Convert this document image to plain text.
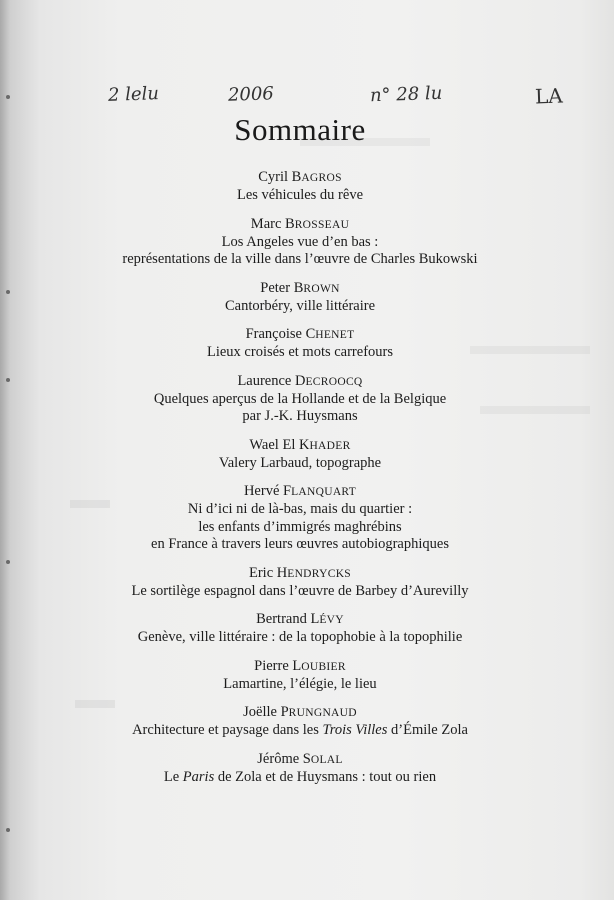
2 lelu	2006	n° 28 lu	LA
Sommaire
Cyril BAGROS
Les véhicules du rêve
Marc BROSSEAU
Los Angeles vue d’en bas :
représentations de la ville dans l’œuvre de Charles Bukowski
Peter BROWN
Cantorbéry, ville littéraire
Françoise CHENET
Lieux croisés et mots carrefours
Laurence DECROOCQ
Quelques aperçus de la Hollande et de la Belgique
par J.-K. Huysmans
Wael El KHADER
Valery Larbaud, topographe
Hervé FLANQUART
Ni d’ici ni de là-bas, mais du quartier :
les enfants d’immigrés maghrébins
en France à travers leurs œuvres autobiographiques
Eric HENDRYCKS
Le sortilège espagnol dans l’œuvre de Barbey d’Aurevilly
Bertrand LÉVY
Genève, ville littéraire : de la topophobie à la topophilie
Pierre LOUBIER
Lamartine, l’élégie, le lieu
Joëlle PRUNGNAUD
Architecture et paysage dans les Trois Villes d’Émile Zola
Jérôme SOLAL
Le Paris de Zola et de Huysmans : tout ou rien
